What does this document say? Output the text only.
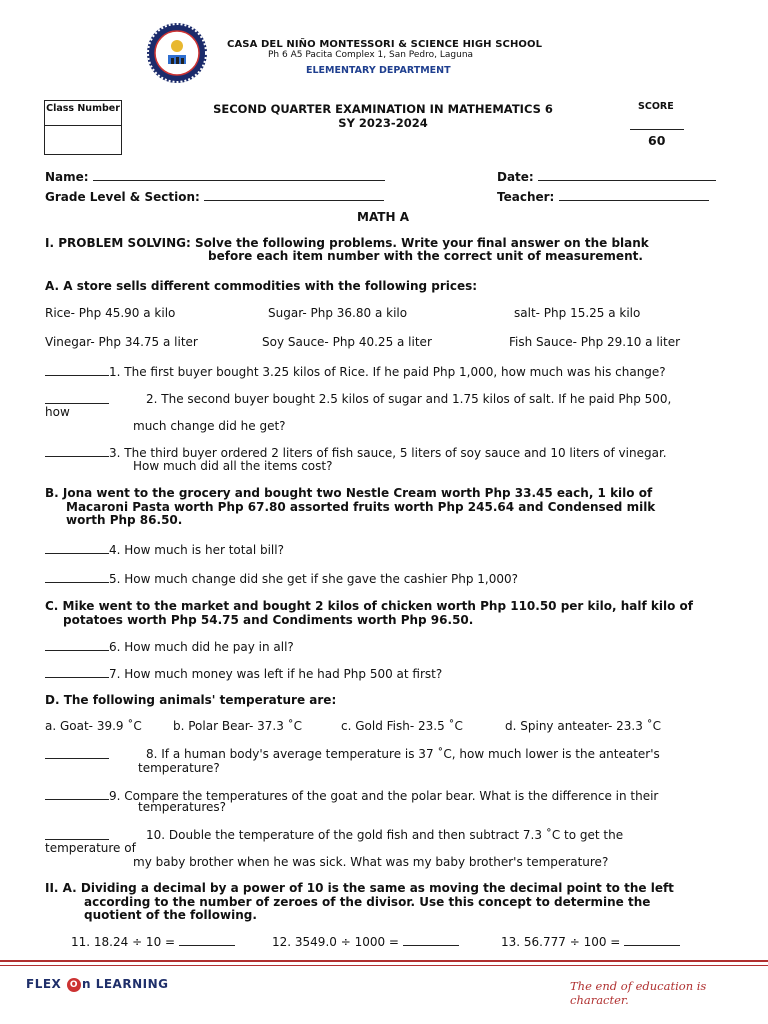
CASA DEL NIÑO MONTESSORI & SCIENCE HIGH SCHOOL
Ph 6 A5 Pacita Complex 1, San Pedro, Laguna
ELEMENTARY DEPARTMENT
Class Number	SECOND QUARTER EXAMINATION IN MATHEMATICS 6
SY 2023-2024
SCORE
60
Name:	Date:
Grade Level & Section:	Teacher:
MATH A
I. PROBLEM SOLVING: Solve the following problems. Write your final answer on the blank
before each item number with the correct unit of measurement.
A. A store sells different commodities with the following prices:
Rice- Php 45.90 a kilo	Sugar- Php 36.80 a kilo	salt- Php 15.25 a kilo
Vinegar- Php 34.75 a liter	Soy Sauce- Php 40.25 a liter	Fish Sauce- Php 29.10 a liter
1. The first buyer bought 3.25 kilos of Rice. If he paid Php 1,000, how much was his change?
2. The second buyer bought 2.5 kilos of sugar and 1.75 kilos of salt. If he paid Php 500,
how
much change did he get?
3. The third buyer ordered 2 liters of fish sauce, 5 liters of soy sauce and 10 liters of vinegar.
How much did all the items cost?
B. Jona went to the grocery and bought two Nestle Cream worth Php 33.45 each, 1 kilo of
Macaroni Pasta worth Php 67.80 assorted fruits worth Php 245.64 and Condensed milk
worth Php 86.50.
4. How much is her total bill?
5. How much change did she get if she gave the cashier Php 1,000?
C. Mike went to the market and bought 2 kilos of chicken worth Php 110.50 per kilo, half kilo of
potatoes worth Php 54.75 and Condiments worth Php 96.50.
6. How much did he pay in all?
7. How much money was left if he had Php 500 at first?
D. The following animals' temperature are:
a. Goat- 39.9 ˚C	b. Polar Bear- 37.3 ˚C	c. Gold Fish- 23.5 ˚C	d. Spiny anteater- 23.3 ˚C
8. If a human body's average temperature is 37 ˚C, how much lower is the anteater's
temperature?
9. Compare the temperatures of the goat and the polar bear. What is the difference in their
temperatures?
10. Double the temperature of the gold fish and then subtract 7.3 ˚C to get the
temperature of
my baby brother when he was sick. What was my baby brother's temperature?
II. A. Dividing a decimal by a power of 10 is the same as moving the decimal point to the left
according to the number of zeroes of the divisor. Use this concept to determine the
quotient of the following.
11. 18.24 ÷ 10 =	12. 3549.0 ÷ 1000 =	13. 56.777 ÷ 100 =
FLEX O n LEARNING	The end of education is character.
